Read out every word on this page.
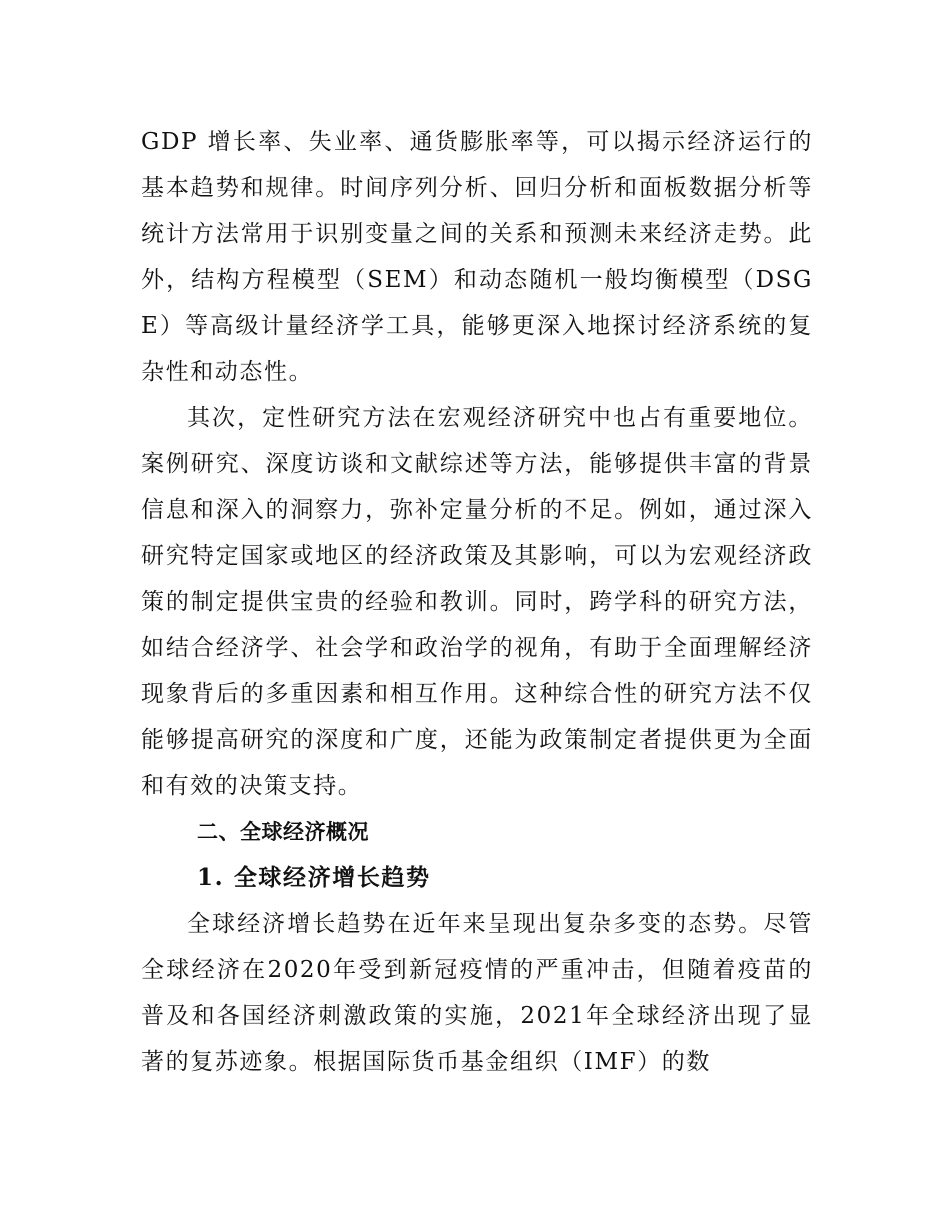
GDP 增长率、失业率、通货膨胀率等，可以揭示经济运行的基本趋势和规律。时间序列分析、回归分析和面板数据分析等统计方法常用于识别变量之间的关系和预测未来经济走势。此外，结构方程模型（SEM）和动态随机一般均衡模型（DSGE）等高级计量经济学工具，能够更深入地探讨经济系统的复杂性和动态性。

其次，定性研究方法在宏观经济研究中也占有重要地位。案例研究、深度访谈和文献综述等方法，能够提供丰富的背景信息和深入的洞察力，弥补定量分析的不足。例如，通过深入研究特定国家或地区的经济政策及其影响，可以为宏观经济政策的制定提供宝贵的经验和教训。同时，跨学科的研究方法，如结合经济学、社会学和政治学的视角，有助于全面理解经济现象背后的多重因素和相互作用。这种综合性的研究方法不仅能够提高研究的深度和广度，还能为政策制定者提供更为全面和有效的决策支持。

二、全球经济概况
1. 全球经济增长趋势

全球经济增长趋势在近年来呈现出复杂多变的态势。尽管全球经济在2020年受到新冠疫情的严重冲击，但随着疫苗的普及和各国经济刺激政策的实施，2021年全球经济出现了显著的复苏迹象。根据国际货币基金组织（IMF）的数
